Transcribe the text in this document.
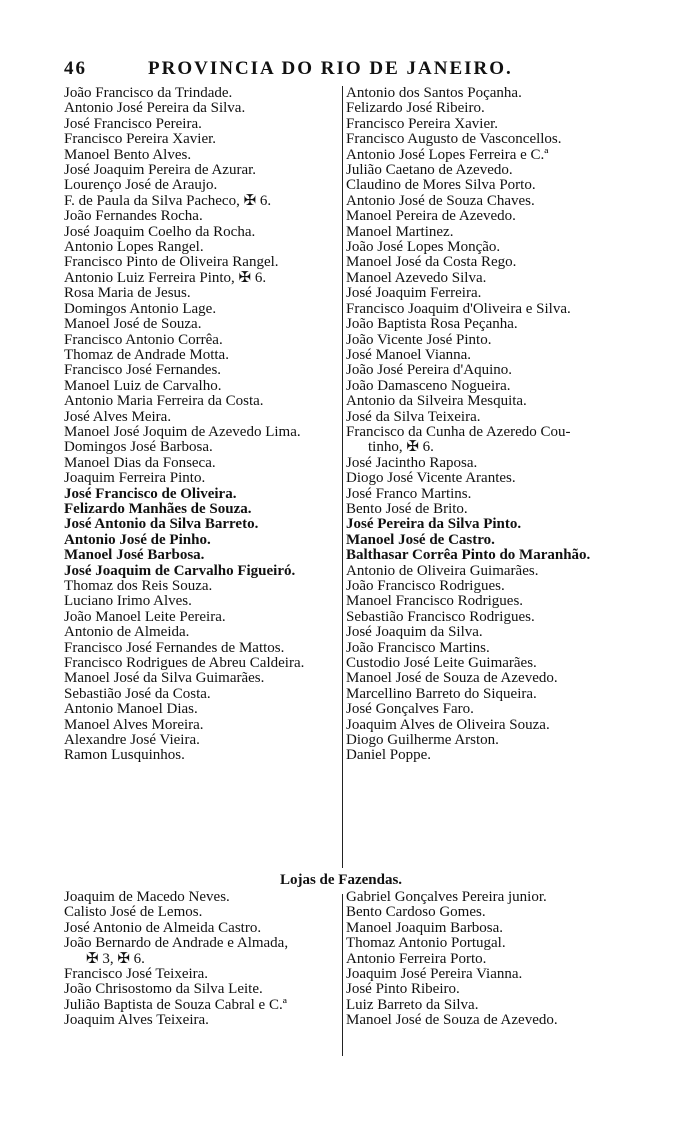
46	PROVINCIA DO RIO DE JANEIRO.
João Francisco da Trindade.
Antonio José Pereira da Silva.
José Francisco Pereira.
Francisco Pereira Xavier.
Manoel Bento Alves.
José Joaquim Pereira de Azurar.
Lourenço José de Araujo.
F. de Paula da Silva Pacheco, ✠ 6.
João Fernandes Rocha.
José Joaquim Coelho da Rocha.
Antonio Lopes Rangel.
Francisco Pinto de Oliveira Rangel.
Antonio Luiz Ferreira Pinto, ✠ 6.
Rosa Maria de Jesus.
Domingos Antonio Lage.
Manoel José de Souza.
Francisco Antonio Corrêa.
Thomaz de Andrade Motta.
Francisco José Fernandes.
Manoel Luiz de Carvalho.
Antonio Maria Ferreira da Costa.
José Alves Meira.
Manoel José Joquim de Azevedo Lima.
Domingos José Barbosa.
Manoel Dias da Fonseca.
Joaquim Ferreira Pinto.
José Francisco de Oliveira.
Felizardo Manhães de Souza.
José Antonio da Silva Barreto.
Antonio José de Pinho.
Manoel José Barbosa.
José Joaquim de Carvalho Figueiró.
Thomaz dos Reis Souza.
Luciano Irimo Alves.
João Manoel Leite Pereira.
Antonio de Almeida.
Francisco José Fernandes de Mattos.
Francisco Rodrigues de Abreu Caldeira.
Manoel José da Silva Guimarães.
Sebastião José da Costa.
Antonio Manoel Dias.
Manoel Alves Moreira.
Alexandre José Vieira.
Ramon Lusquinhos.
Antonio dos Santos Poçanha.
Felizardo José Ribeiro.
Francisco Pereira Xavier.
Francisco Augusto de Vasconcellos.
Antonio José Lopes Ferreira e C.ª
Julião Caetano de Azevedo.
Claudino de Mores Silva Porto.
Antonio José de Souza Chaves.
Manoel Pereira de Azevedo.
Manoel Martinez.
João José Lopes Monção.
Manoel José da Costa Rego.
Manoel Azevedo Silva.
José Joaquim Ferreira.
Francisco Joaquim d'Oliveira e Silva.
João Baptista Rosa Peçanha.
João Vicente José Pinto.
José Manoel Vianna.
João José Pereira d'Aquino.
João Damasceno Nogueira.
Antonio da Silveira Mesquita.
José da Silva Teixeira.
Francisco da Cunha de Azeredo Cou-
tinho, ✠ 6.
José Jacintho Raposa.
Diogo José Vicente Arantes.
José Franco Martins.
Bento José de Brito.
José Pereira da Silva Pinto.
Manoel José de Castro.
Balthasar Corrêa Pinto do Maranhão.
Antonio de Oliveira Guimarães.
João Francisco Rodrigues.
Manoel Francisco Rodrigues.
Sebastião Francisco Rodrigues.
José Joaquim da Silva.
João Francisco Martins.
Custodio José Leite Guimarães.
Manoel José de Souza de Azevedo.
Marcellino Barreto do Siqueira.
José Gonçalves Faro.
Joaquim Alves de Oliveira Souza.
Diogo Guilherme Arston.
Daniel Poppe.
Lojas de Fazendas.
Joaquim de Macedo Neves.
Calisto José de Lemos.
José Antonio de Almeida Castro.
João Bernardo de Andrade e Almada,
✠ 3, ✠ 6.
Francisco José Teixeira.
João Chrisostomo da Silva Leite.
Julião Baptista de Souza Cabral e C.ª
Joaquim Alves Teixeira.
Gabriel Gonçalves Pereira junior.
Bento Cardoso Gomes.
Manoel Joaquim Barbosa.
Thomaz Antonio Portugal.
Antonio Ferreira Porto.
Joaquim José Pereira Vianna.
José Pinto Ribeiro.
Luiz Barreto da Silva.
Manoel José de Souza de Azevedo.
